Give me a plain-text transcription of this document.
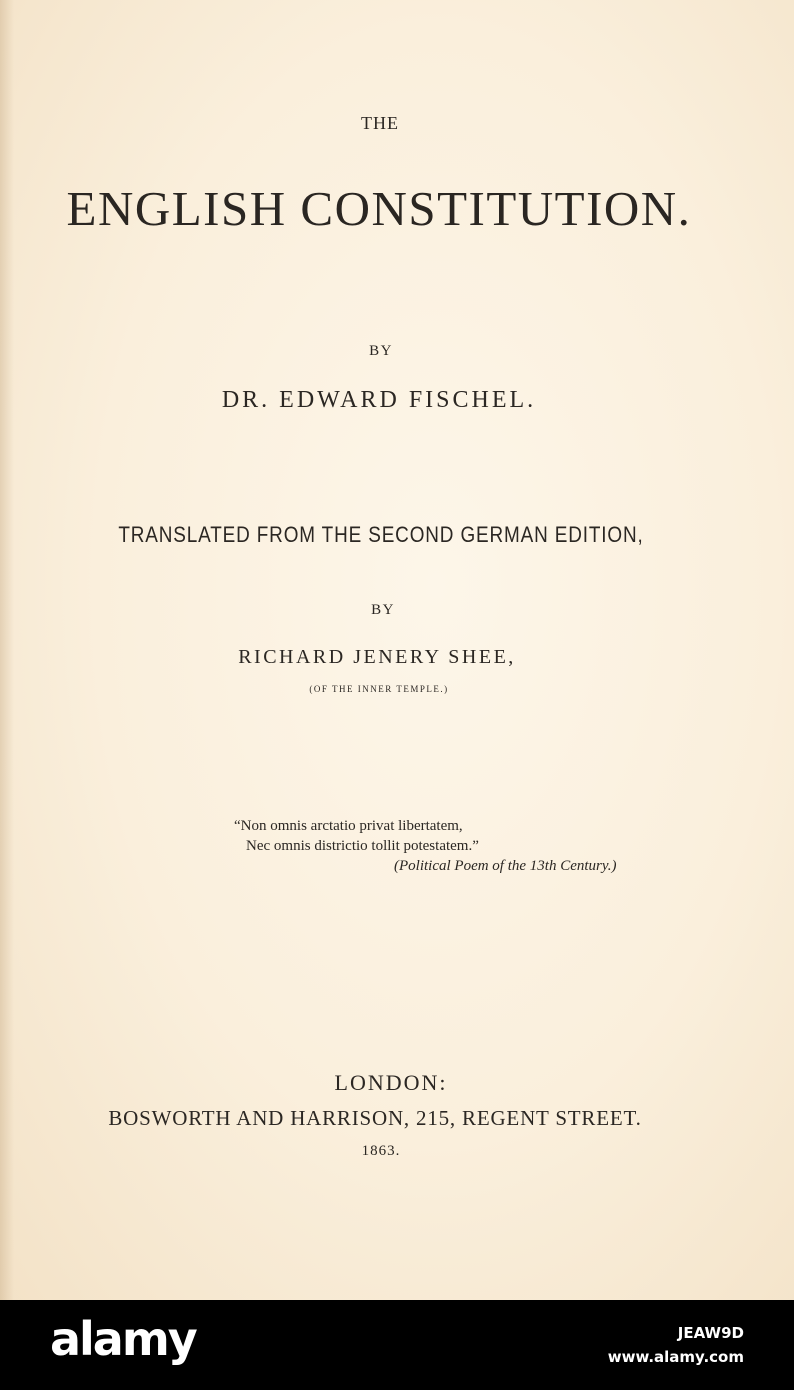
THE
ENGLISH CONSTITUTION.
BY
DR. EDWARD FISCHEL.
TRANSLATED FROM THE SECOND GERMAN EDITION,
BY
RICHARD JENERY SHEE,
(OF THE INNER TEMPLE.)
“Non omnis arctatio privat libertatem,
Nec omnis districtio tollit potestatem.”
(Political Poem of the 13th Century.)
LONDON:
BOSWORTH AND HARRISON, 215, REGENT STREET.
1863.
alamy	JEAW9D
www.alamy.com
